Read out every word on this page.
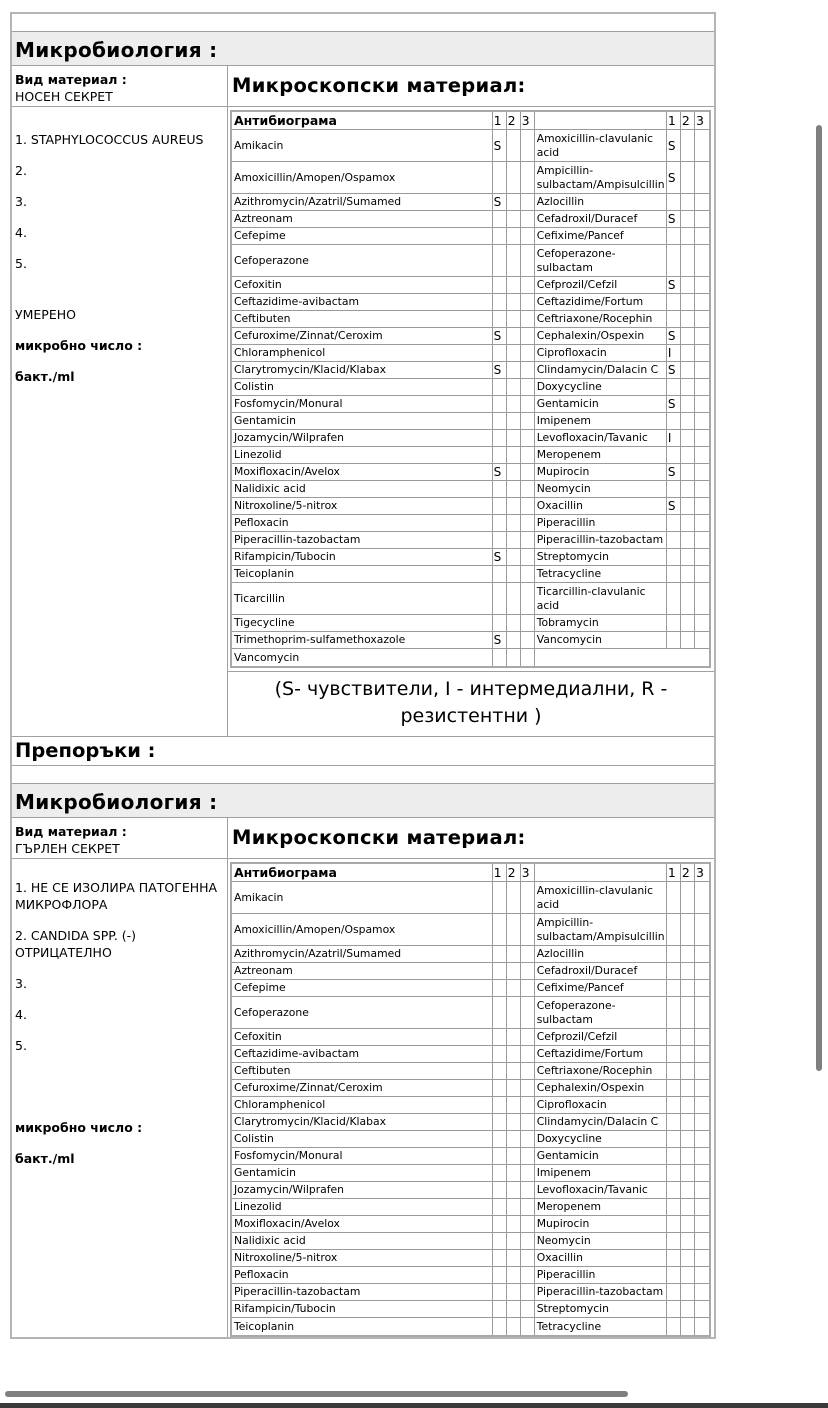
Микробиология :
Вид материал :
НОСЕН СЕКРЕТ	Микроскопски материал:
1. STAPHYLOCOCCUS AUREUS
2.
3.
4.
5.
УМЕРЕНО
микробно число :
бакт./ml
Антибиограма	1	2	3		1	2	3
Amikacin	S			Amoxicillin-clavulanic acid	S		
Amoxicillin/Amopen/Ospamox				Ampicillin-sulbactam/Ampisulcillin	S		
Azithromycin/Azatril/Sumamed	S			Azlocillin			
Aztreonam				Cefadroxil/Duracef	S		
Cefepime				Cefixime/Pancef			
Cefoperazone				Cefoperazone-sulbactam			
Cefoxitin				Cefprozil/Cefzil	S		
Ceftazidime-avibactam				Ceftazidime/Fortum			
Ceftibuten				Ceftriaxone/Rocephin			
Cefuroxime/Zinnat/Ceroxim	S			Cephalexin/Ospexin	S		
Chloramphenicol				Ciprofloxacin	I		
Clarytromycin/Klacid/Klabax	S			Clindamycin/Dalacin C	S		
Colistin				Doxycycline			
Fosfomycin/Monural				Gentamicin	S		
Gentamicin				Imipenem			
Jozamycin/Wilprafen				Levofloxacin/Tavanic	I		
Linezolid				Meropenem			
Moxifloxacin/Avelox	S			Mupirocin	S		
Nalidixic acid				Neomycin			
Nitroxoline/5-nitrox				Oxacillin	S		
Pefloxacin				Piperacillin			
Piperacillin-tazobactam				Piperacillin-tazobactam			
Rifampicin/Tubocin	S			Streptomycin			
Teicoplanin				Tetracycline			
Ticarcillin				Ticarcillin-clavulanic acid			
Tigecycline				Tobramycin			
Trimethoprim-sulfamethoxazole	S			Vancomycin			
Vancomycin							
(S- чувствители, I - интермедиални, R - резистентни )
Препоръки :
Микробиология :
Вид материал :
ГЪРЛЕН СЕКРЕТ	Микроскопски материал:
1. НЕ СЕ ИЗОЛИРА ПАТОГЕННА МИКРОФЛОРА
2. CANDIDA SPP. (-) ОТРИЦАТЕЛНО
3.
4.
5.
микробно число :
бакт./ml
Антибиограма	1	2	3		1	2	3
Amikacin				Amoxicillin-clavulanic acid			
Amoxicillin/Amopen/Ospamox				Ampicillin-sulbactam/Ampisulcillin			
Azithromycin/Azatril/Sumamed				Azlocillin			
Aztreonam				Cefadroxil/Duracef			
Cefepime				Cefixime/Pancef			
Cefoperazone				Cefoperazone-sulbactam			
Cefoxitin				Cefprozil/Cefzil			
Ceftazidime-avibactam				Ceftazidime/Fortum			
Ceftibuten				Ceftriaxone/Rocephin			
Cefuroxime/Zinnat/Ceroxim				Cephalexin/Ospexin			
Chloramphenicol				Ciprofloxacin			
Clarytromycin/Klacid/Klabax				Clindamycin/Dalacin C			
Colistin				Doxycycline			
Fosfomycin/Monural				Gentamicin			
Gentamicin				Imipenem			
Jozamycin/Wilprafen				Levofloxacin/Tavanic			
Linezolid				Meropenem			
Moxifloxacin/Avelox				Mupirocin			
Nalidixic acid				Neomycin			
Nitroxoline/5-nitrox				Oxacillin			
Pefloxacin				Piperacillin			
Piperacillin-tazobactam				Piperacillin-tazobactam			
Rifampicin/Tubocin				Streptomycin			
Teicoplanin				Tetracycline			
